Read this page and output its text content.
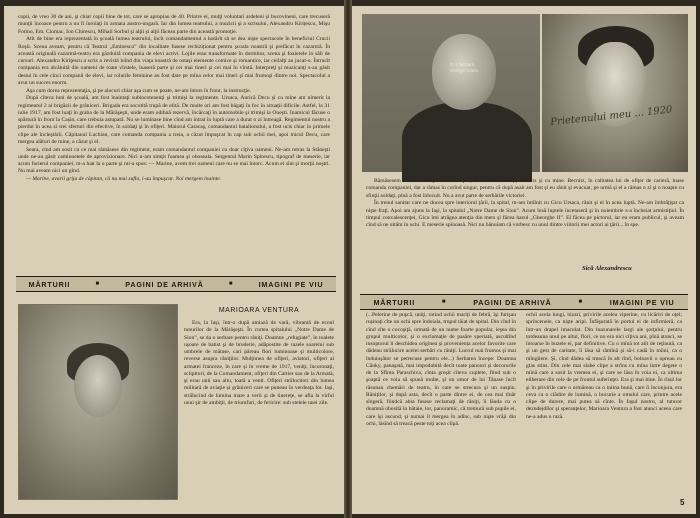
copii, de vreo 30 de ani, şi chiar copii bine de tot, care se apropiau de 40. Printre ei, mulţi voluntari ardeleni şi bucovineni, care trecuseră munţii încoace pentru a nu fi înrolaţi în armata austro-ungară. Iar din lumea teatrului, a muzicii şi a scrisului, Alexandru Kirițescu, Mişu Fotino, Em. Ciomac, Ion Chirescu, Mihail Sorbul şi alţii şi alţii făceau parte din această promoţie.

Atît de bine era reprezentată în şcoală lumea teatrului, încît comandamentul a hotărît să se dea nişte spectacole în beneficiul Crucii Roşii. Scena aveam, pentru că Teatrul „Eminescu” din localitate fusese rechiziționat pentru şcoala noastră şi prefăcut în cazarmă. În această originală cazarmă-teatru era găzduită compania de elevi activi. Lojile erau transformate în dormitor, scena şi foaierele în săli de cursuri. Alexandru Kiriţescu a scris o revistă luînd din viaţa noastră de ostaşi elemente comice şi romantice, iar ceilalţi au jucat-o. Întrucît compania era alcătuită din oameni de toate vîrstele, luaseră parte şi cei mai tineri şi cei mai în vîrstă. Interpreţi şi muzicanţi s-au găsit destui în cele cinci companii de elevi, iar rolurile feminine au fost date pe mîna celor mai tineri şi mai frumoşi dintre noi. Spectacolul a avut un succes enorm.

Aşa cum dorea reprezentaţia, şi pe alocuri chiar aşa cum se poate, ne-am întors în front, la instrucţie.

După cîteva luni de şcoală, am fost înaintaţi sublocotenenţi şi trimişi la regimente. Ursaca, Aurică Decu şi cu mine am nimerit la regimentul 2 al brigăzii de grăniceri. Brigada era socotită trupă de elită. De multe ori am fost băgaţi în foc în situaţii dificile. Astfel, la 31 iulie 1917, am fost luaţi în graba de la Mărăşeşti, unde eram odihnă rezervă, încărcaţi în automobile şi trimişi la Oneşti. Inamicul făcuse o spărtură în front la Cașin, care trebuia astupată. Nu se luminase bine cînd am intrat în luptă care a durat o zi întreagă. Regimentul nostru a pierdut în acea zi trei sferturi din efective, în soldaţi şi în ofiţeri. Maiorul Caracaş, comandantul batalionului, a fost ucis chiar în primele clipe ale încleştării. Căpitanul Luchian, care comanda compania a treia, a căzut împuşcat în cap sub ochii mei, apoi micul Decu, care mergea alături de mine, a căzut şi el.

Seara, cînd am sosit cu ce mai rămăsese din regiment, eram comandantul companiei cu doar cîţiva oameni. Ne-am retras la Stăneşti unde ne-au găsit camionetele de aprovizionare. Nici n-am simţit foamea şi oboseala. Sergentul Marin Spirescu, tipograf de meserie, iar acum furierul companiei, m-a luat la o parte şi mi-a spus: — Marine, avem trei oameni care nu se mai întorc. Acum ei sînt şi morţii noştri. Nu mai aveam nici un gînd.

— Marine, avarii grija de căpitan, că nu mai sufla, i-au împuşcat. Noi mergem înainte.

MĂRTURII	■	PAGINI DE ARHIVĂ	■	IMAGINI PE VIU
MARIOARA VENTURA

Era, la Iaşi, într-o după amiază de vară, vibrantă de ecoul tunurilor de la Mărăşeşti. În curtea spitalului „Notre Dame de Sion”, se da o serbare pentru răniţi. Doamne „refugiate”, în toalete uşoare de batist şi de broderie, adăpostite de razele soarelui sub umbrele de mătase, cari păreau flori luminoase şi multicolore, reverse asupra răniţilor. Mulţimea de ofiţeri, aviatori, ofiţeri ai armatei franceze, în care şi în vreme de 1917, veniţi, încoronaţi, sclipitori, de la Comandament, ofiţeri din Cartier sau de la Armată, şi erau unii sau altu, toată a venit. Ofiţeri strălucitori din lumea militară de aviaţie și grăniceri care se puneau în verdeaţa lor. Iaşi, strălucind de lumina mare a verii şi de tinereţe, se afla la vîrful unui şir de ambiţii, de triumfuri, de fericire: sub stelele unei zile.

C. I. Nottara
George Vraca
Prietenului meu ... 1920

Rămăsesem în toată compania doi ofiţeri, doi sublocotenenţi, Becnitz şi cu mine. Becnitz, în calitatea lui de ofiţer de carieră, luase comanda companiei, dar a rămas în curînd singur, pentru că după asalt am fost şi eu rănit şi evacuat, pe urmă şi el a rămas o zi şi o noapte cu sfinţii soldaţi, pînă a fost înlocuit. Nu a avut parte de serbările victoriei.

În trenul sanitar care ne ducea spre interiorul ţării, la spital, m-am întîlnit cu Gicu Ursaca, rănit şi el în acea luptă. Ne-am îmbrăţişat ca nişte fraţi. Apoi am ajuns la Iaşi, la spitalul „Notre Dame de Sion”. Acum însă luptele încetaseră şi în noiembrie s-a încheiat armistiţiul. În timpul convalescenţei, Gicu îmi atrăgea atenţia din mers şi făcea hazul „Gheorghe II”. El făcea pe pictorul, iar eu eram publicul, şi aveam cînd să ne uităm în ochi. E meserie spinoasă. Nici nu bănuiam că vorbesc cu unul dintre viitorii mei actori ai ţării... în spe.

Sică Alexandrescu
MĂRTURII	■	PAGINI DE ARHIVĂ	■	IMAGINI PE VIU

(...Pelerine de puşcă, uniţi, rotind ochii mariţi de febră, îşi furişau rușinaţi cîte un ochi spre îndoiala, trupul tăiat de spital. Din cînd în cînd cîte o cocoşiţă, urmată de un nume foarte popular, ieşea din grupul multicolor, şi o exclamaţie de pasăre speriată, ascultînd insoptorul li deschidea originea şi proveniența acelor favorite care dădeau strălucire acelei serbări cu răniţi. Lucrul mai frumos şi mai înduioşător se petrecuse pentru ele...) Serbarea începe: Doamna Cănky, panaşată, mai impodobită decît toate panouri și decorurile de la Sfînta Paraschiva, cînta greşit cîteva cuplete, fiind sub o şoaptă ce voia să spună multe, şi un umor de lui Tănase încît răsunau chemări de teatru, în care se strecura şi un suspin. Răniţilor, şi după asta, decît o parte dintre ei, de cea mai tînăr sîngeră, fiindcă abia fusese reclamaţi de răniţi, îi lăuda cu o doamnă obosită în bătaie, lor, panoramic, că tremură sub pupile ei, care îşi ascund, şi numai îl mergea în adînc, sub nişte vrăji din ochi, lăsînd să treacă peste toţi acea clipă.

ochii acela lungi, bizari, privirile acelea viperine, cu licăriri de oţel; sprîncenele, ca nişte aripi. Înfăşurată în portul ei de infirmieră, ca într-un drapel imaculat. Din buzunarele largi ale şorţului, pentru totdeauna unul pe altul, flori, ce nu era nici cîţiva ani, pînă atunci, se întoarse în buzele ei, par definitive. Cu o mînă tot atît de reţinută, ca şi un gest de caritate, îi lăsa să rămînă şi să-i cadă în mîini, ca o mîngîiere. Şi, cînd dădea să treacă în alt rînd, bolnavii o opreau cu glas stins. Din cele mai slabe clipe a strîns cu mîna între degete o mînă care a sosit la vremea ei, şi care se lăsa în voia ei, ca ultima eliberare din cele de pe frontul suferinţei. Era şi mai bine. În rîsul lor şi în privirile care o urmăreau ca o inima bună, care îi înconjura, era ceva ca o clădire de lumină, o bucurie a omului care, printre acele clipe de durere, mai putea să cînte. În Iaşul nostru, al tuturor dezndejdilor şi speranţelor, Marioara Ventura a fost atunci aceea care ne-a adus o rază.

5
